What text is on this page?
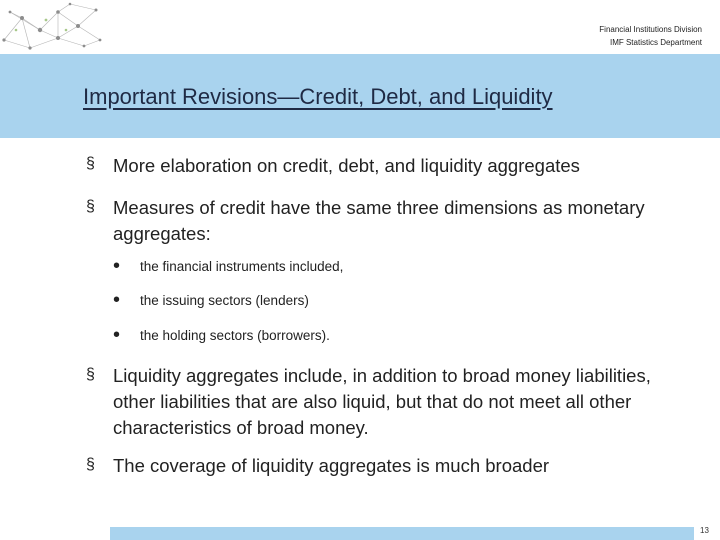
Financial Institutions Division
IMF Statistics Department
Important Revisions—Credit, Debt, and Liquidity
§ More elaboration on credit, debt, and liquidity aggregates
§ Measures of credit have the same three dimensions as monetary aggregates:
• the financial instruments included,
• the issuing sectors (lenders)
• the holding sectors (borrowers).
§ Liquidity aggregates include, in addition to broad money liabilities, other liabilities that are also liquid, but that do not meet all other characteristics of broad money.
§ The coverage of liquidity aggregates is much broader
13
